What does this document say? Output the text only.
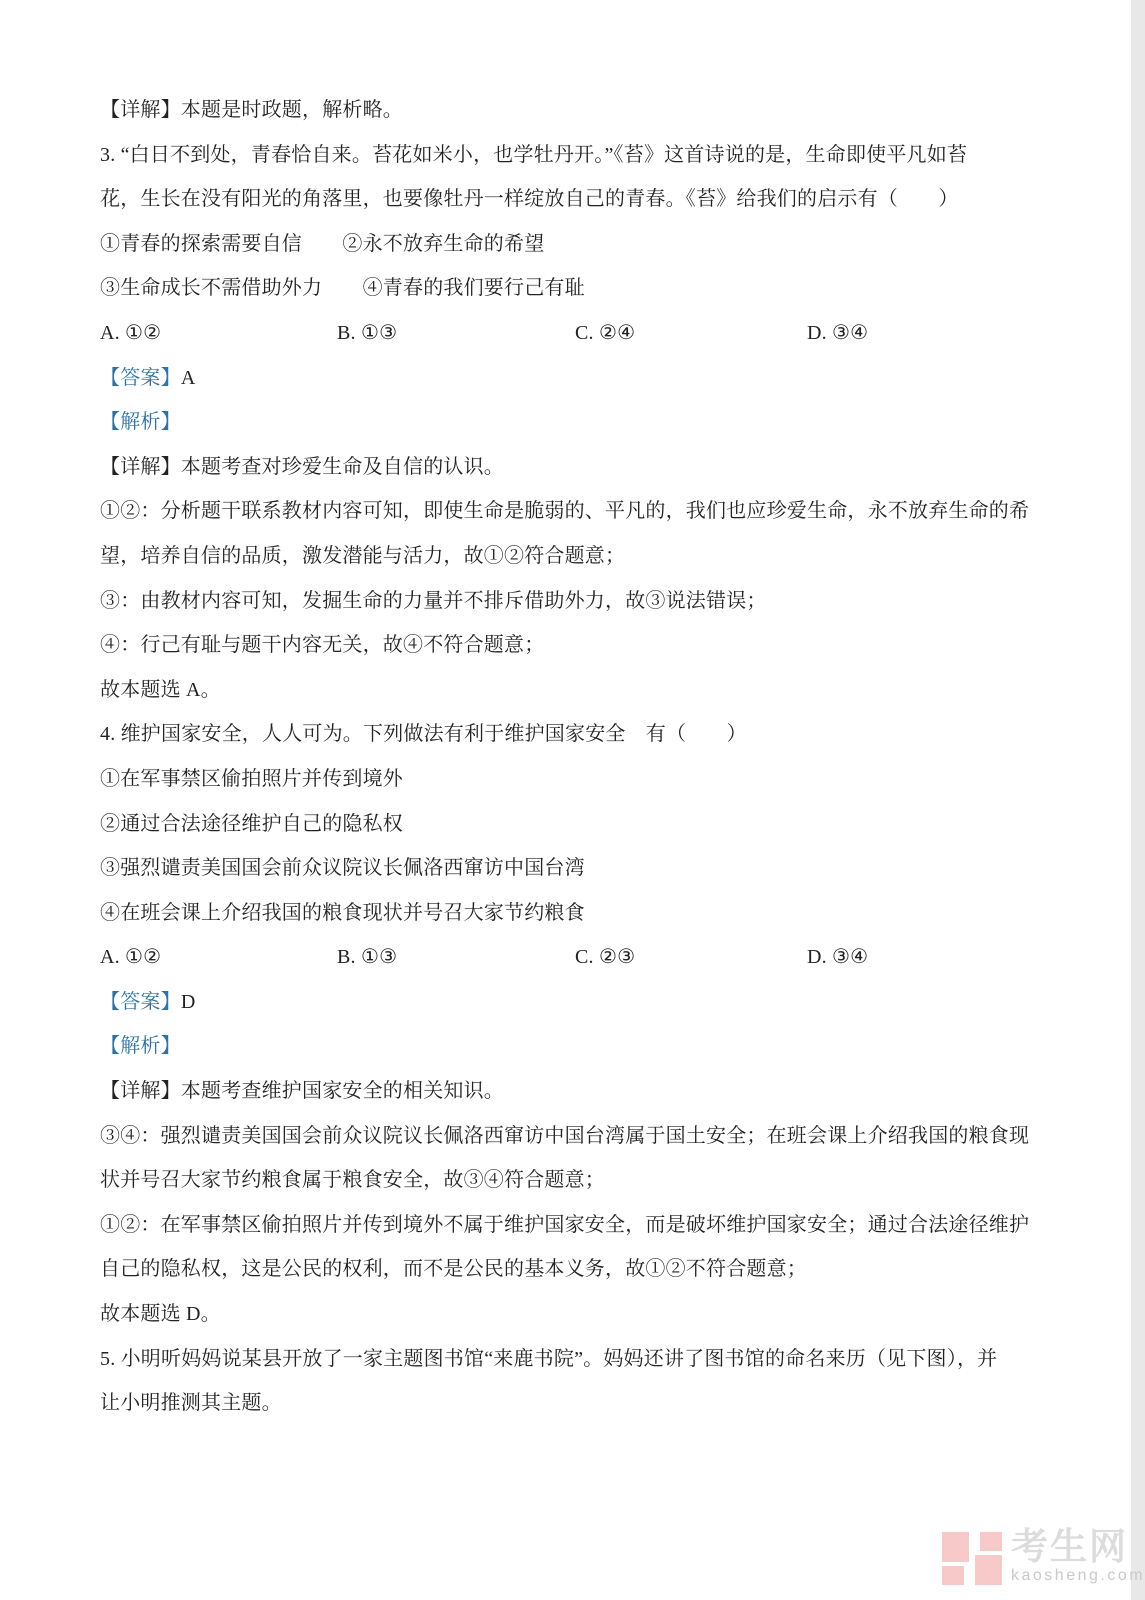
【详解】本题是时政题，解析略。
3. “白日不到处，青春恰自来。苔花如米小，也学牡丹开。”《苔》这首诗说的是，生命即使平凡如苔
花，生长在没有阳光的角落里，也要像牡丹一样绽放自己的青春。《苔》给我们的启示有（　　）
①青春的探索需要自信　　②永不放弃生命的希望
③生命成长不需借助外力　　④青春的我们要行己有耻
A. ①②	B. ①③	C. ②④	D. ③④
【答案】A
【解析】
【详解】本题考查对珍爱生命及自信的认识。
①②：分析题干联系教材内容可知，即使生命是脆弱的、平凡的，我们也应珍爱生命，永不放弃生命的希
望，培养自信的品质，激发潜能与活力，故①②符合题意；
③：由教材内容可知，发掘生命的力量并不排斥借助外力，故③说法错误；
④：行己有耻与题干内容无关，故④不符合题意；
故本题选 A。
4. 维护国家安全，人人可为。下列做法有利于维护国家安全　有（　　）
①在军事禁区偷拍照片并传到境外
②通过合法途径维护自己的隐私权
③强烈谴责美国国会前众议院议长佩洛西窜访中国台湾
④在班会课上介绍我国的粮食现状并号召大家节约粮食
A. ①②	B. ①③	C. ②③	D. ③④
【答案】D
【解析】
【详解】本题考查维护国家安全的相关知识。
③④：强烈谴责美国国会前众议院议长佩洛西窜访中国台湾属于国土安全；在班会课上介绍我国的粮食现
状并号召大家节约粮食属于粮食安全，故③④符合题意；
①②：在军事禁区偷拍照片并传到境外不属于维护国家安全，而是破坏维护国家安全；通过合法途径维护
自己的隐私权，这是公民的权利，而不是公民的基本义务，故①②不符合题意；
故本题选 D。
5. 小明听妈妈说某县开放了一家主题图书馆“来鹿书院”。妈妈还讲了图书馆的命名来历（见下图），并
让小明推测其主题。
考生网
kaosheng.com
